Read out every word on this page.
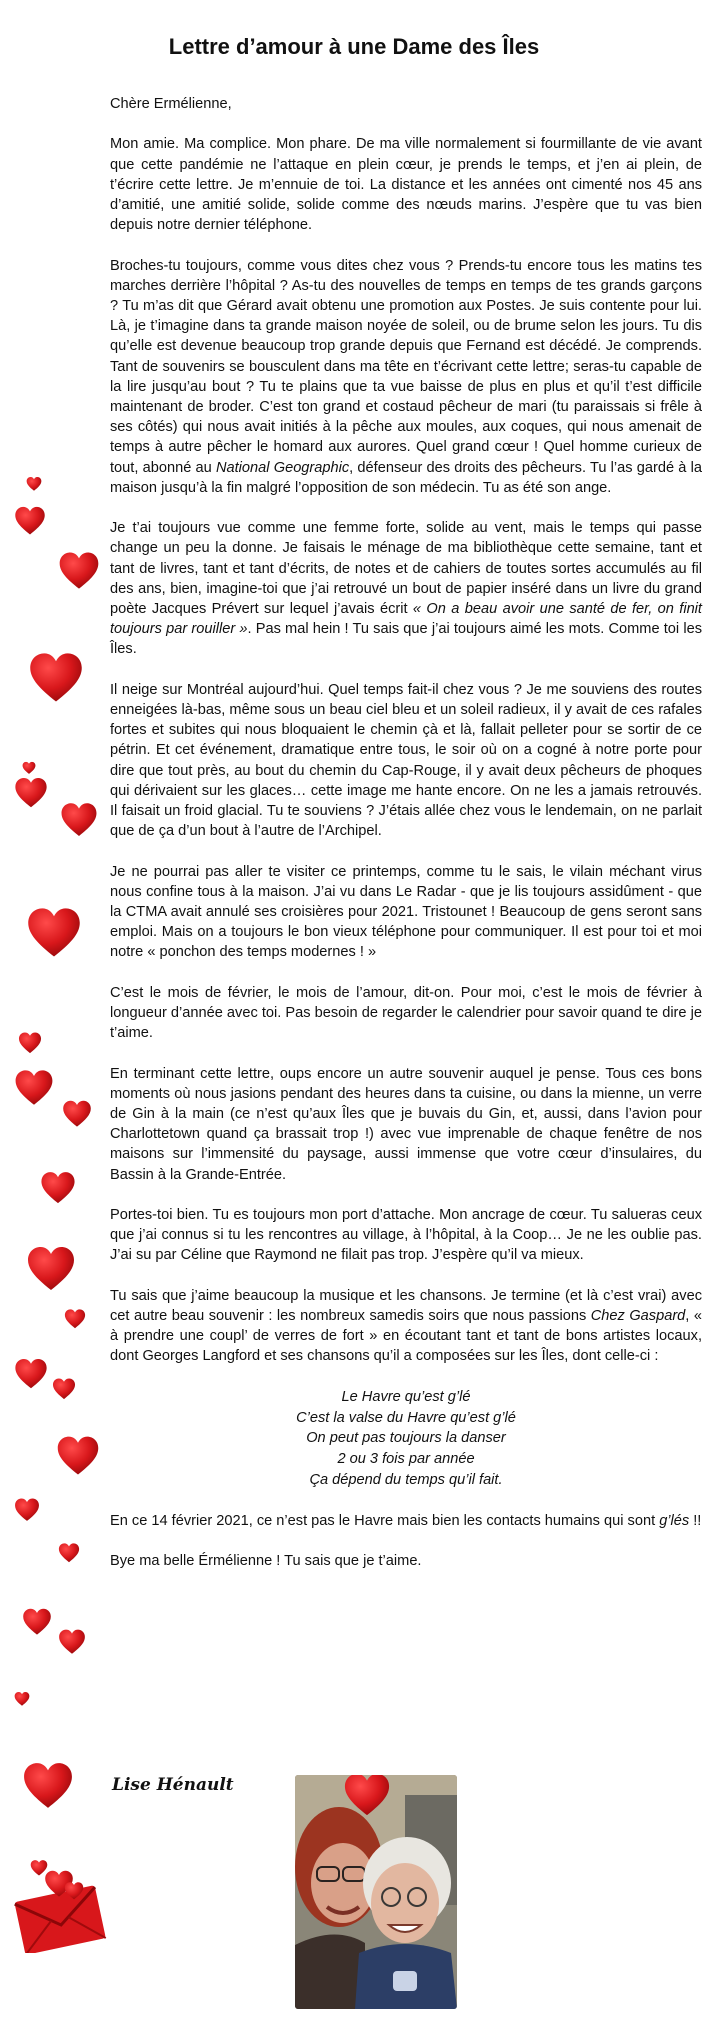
Lettre d’amour à une Dame des Îles

Chère Ermélienne,

Mon amie. Ma complice. Mon phare. De ma ville normalement si fourmillante de vie avant que cette pandémie ne l’attaque en plein cœur, je prends le temps, et j’en ai plein, de t’écrire cette lettre. Je m’ennuie de toi. La distance et les années ont cimenté nos 45 ans d’amitié, une amitié solide, solide comme des nœuds marins. J’espère que tu vas bien depuis notre dernier téléphone.

Broches-tu toujours, comme vous dites chez vous ? Prends-tu encore tous les matins tes marches derrière l’hôpital ? As-tu des nouvelles de temps en temps de tes grands garçons ? Tu m’as dit que Gérard avait obtenu une promotion aux Postes. Je suis contente pour lui. Là, je t’imagine dans ta grande maison noyée de soleil, ou de brume selon les jours. Tu dis qu’elle est devenue beaucoup trop grande depuis que Fernand est décédé. Je comprends. Tant de souvenirs se bousculent dans ma tête en t’écrivant cette lettre; seras-tu capable de la lire jusqu’au bout ? Tu te plains que ta vue baisse de plus en plus et qu’il t’est difficile maintenant de broder. C’est ton grand et costaud pêcheur de mari (tu paraissais si frêle à ses côtés) qui nous avait initiés à la pêche aux moules, aux coques, qui nous amenait de temps à autre pêcher le homard aux aurores. Quel grand cœur ! Quel homme curieux de tout, abonné au National Geographic, défenseur des droits des pêcheurs. Tu l’as gardé à la maison jusqu’à la fin malgré l’opposition de son médecin. Tu as été son ange.

Je t’ai toujours vue comme une femme forte, solide au vent, mais le temps qui passe change un peu la donne. Je faisais le ménage de ma bibliothèque cette semaine, tant et tant de livres, tant et tant d’écrits, de notes et de cahiers de toutes sortes accumulés au fil des ans, bien, imagine-toi que j’ai retrouvé un bout de papier inséré dans un livre du grand poète Jacques Prévert sur lequel j’avais écrit « On a beau avoir une santé de fer, on finit toujours par rouiller ». Pas mal hein ! Tu sais que j’ai toujours aimé les mots. Comme toi les Îles.

Il neige sur Montréal aujourd’hui. Quel temps fait-il chez vous ? Je me souviens des routes enneigées là-bas, même sous un beau ciel bleu et un soleil radieux, il y avait de ces rafales fortes et subites qui nous bloquaient le chemin çà et là, fallait pelleter pour se sortir de ce pétrin. Et cet événement, dramatique entre tous, le soir où on a cogné à notre porte pour dire que tout près, au bout du chemin du Cap-Rouge, il y avait deux pêcheurs de phoques qui dérivaient sur les glaces… cette image me hante encore. On ne les a jamais retrouvés. Il faisait un froid glacial. Tu te souviens ? J’étais allée chez vous le lendemain, on ne parlait que de ça d’un bout à l’autre de l’Archipel.

Je ne pourrai pas aller te visiter ce printemps, comme tu le sais, le vilain méchant virus nous confine tous à la maison. J’ai vu dans Le Radar - que je lis toujours assidûment - que la CTMA avait annulé ses croisières pour 2021. Tristounet ! Beaucoup de gens seront sans emploi. Mais on a toujours le bon vieux téléphone pour communiquer. Il est pour toi et moi notre « ponchon des temps modernes ! »

C’est le mois de février, le mois de l’amour, dit-on. Pour moi, c’est le mois de février à longueur d’année avec toi. Pas besoin de regarder le calendrier pour savoir quand te dire je t’aime.

En terminant cette lettre, oups encore un autre souvenir auquel je pense. Tous ces bons moments où nous jasions pendant des heures dans ta cuisine, ou dans la mienne, un verre de Gin à la main (ce n’est qu’aux Îles que je buvais du Gin, et, aussi, dans l’avion pour Charlottetown quand ça brassait trop !) avec vue imprenable de chaque fenêtre de nos maisons sur l’immensité du paysage, aussi immense que votre cœur d’insulaires, du Bassin à la Grande-Entrée.

Portes-toi bien. Tu es toujours mon port d’attache. Mon ancrage de cœur. Tu salueras ceux que j’ai connus si tu les rencontres au village, à l’hôpital, à la Coop… Je ne les oublie pas. J’ai su par Céline que Raymond ne filait pas trop. J’espère qu’il va mieux.

Tu sais que j’aime beaucoup la musique et les chansons. Je termine (et là c’est vrai) avec cet autre beau souvenir : les nombreux samedis soirs que nous passions Chez Gaspard, « à prendre une coupl’ de verres de fort » en écoutant tant et tant de bons artistes locaux, dont Georges Langford et ses chansons qu’il a composées sur les Îles, dont celle-ci :

Le Havre qu’est g’lé
C’est la valse du Havre qu’est g’lé
On peut pas toujours la danser
2 ou 3 fois par année
Ça dépend du temps qu’il fait.

En ce 14 février 2021, ce n’est pas le Havre mais bien les contacts humains qui sont g’lés !!

Bye ma belle Érmélienne ! Tu sais que je t’aime.

Lise Hénault
